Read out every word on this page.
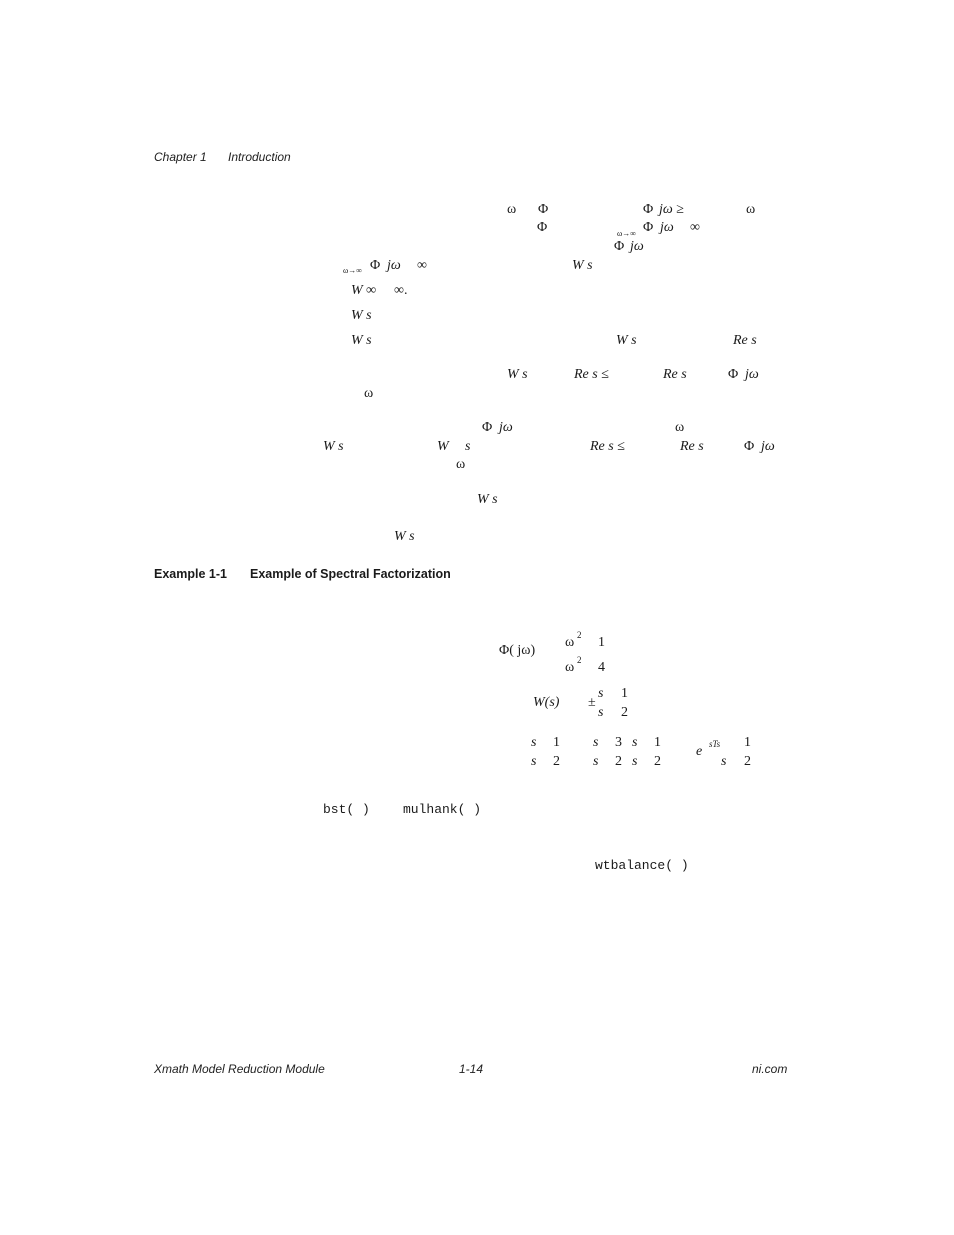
Chapter 1 Introduction
ω Φ	Φ jω ≥	ω
Φ	ω→∞ Φ jω ∞
Φ jω
ω→∞ Φ jω ∞	W s
W ∞ ∞.
W s
W s	W s	Re s
W s	Re s ≤	Re s	Φ jω
ω
Φ jω	ω
W s	W s	Re s ≤	Re s	Φ jω
ω
W s
W s
Example 1-1 Example of Spectral Factorization
Φ( jω)
ω 2 1
ω 2 4
W(s) ±
s 1
s 2
s 1
s 2
s 3 s 1
s 2 s 2
e sTs 1
s 2
bst( )	mulhank( )
wtbalance( )
Xmath Model Reduction Module	1-14	ni.com
